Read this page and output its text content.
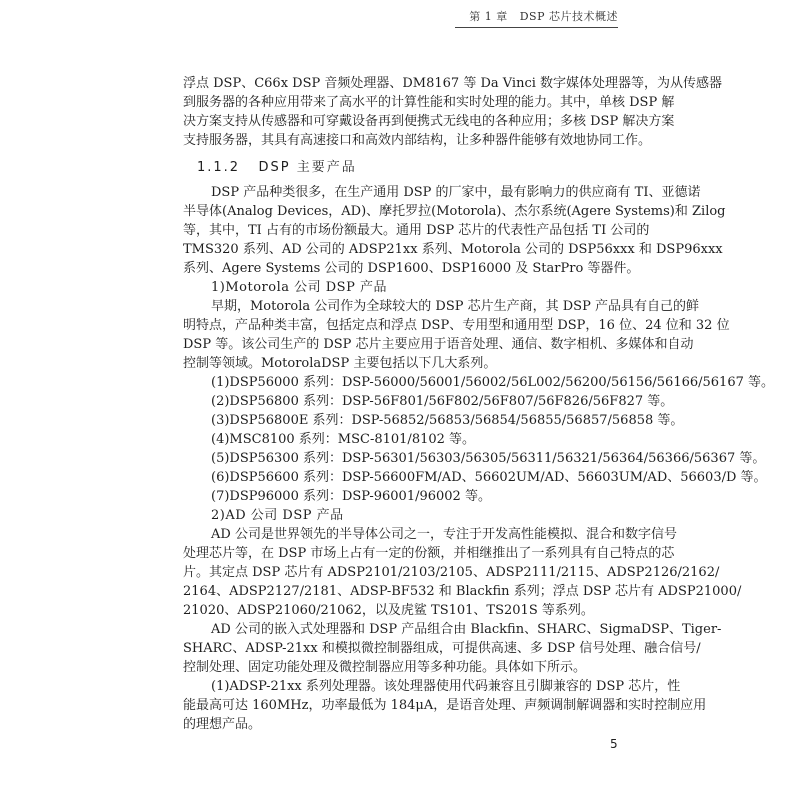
第 1 章 DSP 芯片技术概述
浮点 DSP、C66x DSP 音频处理器、DM8167 等 Da Vinci 数字媒体处理器等，为从传感器
到服务器的各种应用带来了高水平的计算性能和实时处理的能力。其中，单核 DSP 解
决方案支持从传感器和可穿戴设备再到便携式无线电的各种应用；多核 DSP 解决方案
支持服务器，其具有高速接口和高效内部结构，让多种器件能够有效地协同工作。
1.1.2 DSP 主要产品
DSP 产品种类很多，在生产通用 DSP 的厂家中，最有影响力的供应商有 TI、亚德诺
半导体(Analog Devices，AD)、摩托罗拉(Motorola)、杰尔系统(Agere Systems)和 Zilog
等，其中，TI 占有的市场份额最大。通用 DSP 芯片的代表性产品包括 TI 公司的
TMS320 系列、AD 公司的 ADSP21xx 系列、Motorola 公司的 DSP56xxx 和 DSP96xxx
系列、Agere Systems 公司的 DSP1600、DSP16000 及 StarPro 等器件。
1)Motorola 公司 DSP 产品
早期，Motorola 公司作为全球较大的 DSP 芯片生产商，其 DSP 产品具有自己的鲜
明特点，产品种类丰富，包括定点和浮点 DSP、专用型和通用型 DSP，16 位、24 位和 32 位
DSP 等。该公司生产的 DSP 芯片主要应用于语音处理、通信、数字相机、多媒体和自动
控制等领域。MotorolaDSP 主要包括以下几大系列。
(1)DSP56000 系列：DSP-56000/56001/56002/56L002/56200/56156/56166/56167 等。
(2)DSP56800 系列：DSP-56F801/56F802/56F807/56F826/56F827 等。
(3)DSP56800E 系列：DSP-56852/56853/56854/56855/56857/56858 等。
(4)MSC8100 系列：MSC-8101/8102 等。
(5)DSP56300 系列：DSP-56301/56303/56305/56311/56321/56364/56366/56367 等。
(6)DSP56600 系列：DSP-56600FM/AD、56602UM/AD、56603UM/AD、56603/D 等。
(7)DSP96000 系列：DSP-96001/96002 等。
2)AD 公司 DSP 产品
AD 公司是世界领先的半导体公司之一，专注于开发高性能模拟、混合和数字信号
处理芯片等，在 DSP 市场上占有一定的份额，并相继推出了一系列具有自己特点的芯
片。其定点 DSP 芯片有 ADSP2101/2103/2105、ADSP2111/2115、ADSP2126/2162/
2164、ADSP2127/2181、ADSP-BF532 和 Blackfin 系列；浮点 DSP 芯片有 ADSP21000/
21020、ADSP21060/21062，以及虎鲨 TS101、TS201S 等系列。
AD 公司的嵌入式处理器和 DSP 产品组合由 Blackfin、SHARC、SigmaDSP、Tiger-
SHARC、ADSP-21xx 和模拟微控制器组成，可提供高速、多 DSP 信号处理、融合信号/
控制处理、固定功能处理及微控制器应用等多种功能。具体如下所示。
(1)ADSP-21xx 系列处理器。该处理器使用代码兼容且引脚兼容的 DSP 芯片，性
能最高可达 160MHz，功率最低为 184μA，是语音处理、声频调制解调器和实时控制应用
的理想产品。
5
